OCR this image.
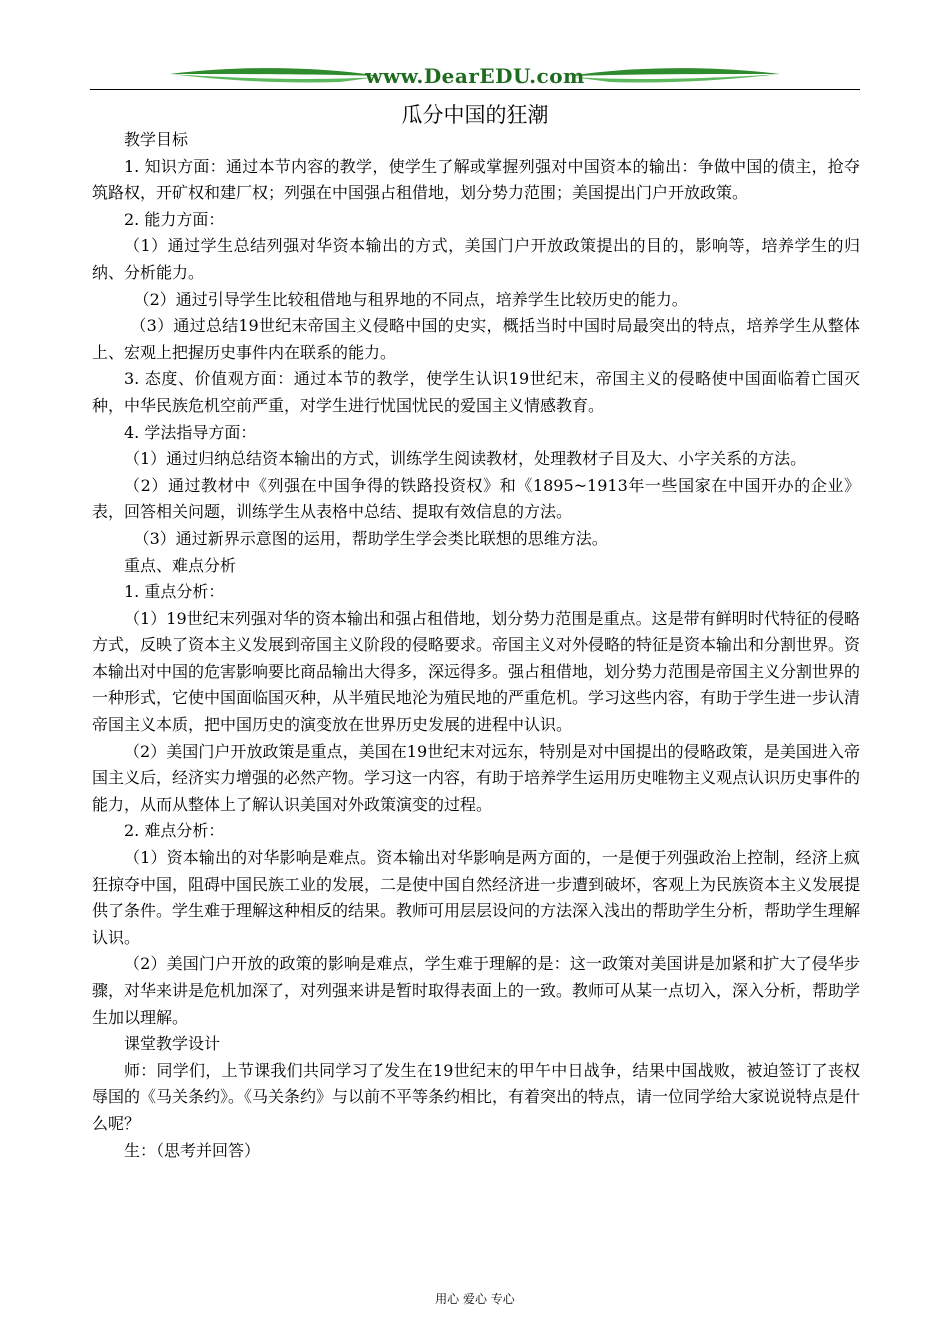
www.DearEDU.com
瓜分中国的狂潮

教学目标

1. 知识方面：通过本节内容的教学，使学生了解或掌握列强对中国资本的输出：争做中国的债主，抢夺筑路权，开矿权和建厂权；列强在中国强占租借地，划分势力范围；美国提出门户开放政策。

2. 能力方面：

（1）通过学生总结列强对华资本输出的方式，美国门户开放政策提出的目的，影响等，培养学生的归纳、分析能力。

（2）通过引导学生比较租借地与租界地的不同点，培养学生比较历史的能力。

（3）通过总结19世纪末帝国主义侵略中国的史实，概括当时中国时局最突出的特点，培养学生从整体上、宏观上把握历史事件内在联系的能力。

3. 态度、价值观方面：通过本节的教学，使学生认识19世纪末，帝国主义的侵略使中国面临着亡国灭种，中华民族危机空前严重，对学生进行忧国忧民的爱国主义情感教育。

4. 学法指导方面：

（1）通过归纳总结资本输出的方式，训练学生阅读教材，处理教材子目及大、小字关系的方法。

（2）通过教材中《列强在中国争得的铁路投资权》和《1895~1913年一些国家在中国开办的企业》表，回答相关问题，训练学生从表格中总结、提取有效信息的方法。

（3）通过新界示意图的运用，帮助学生学会类比联想的思维方法。

重点、难点分析

1. 重点分析：

（1）19世纪末列强对华的资本输出和强占租借地，划分势力范围是重点。这是带有鲜明时代特征的侵略方式，反映了资本主义发展到帝国主义阶段的侵略要求。帝国主义对外侵略的特征是资本输出和分割世界。资本输出对中国的危害影响要比商品输出大得多，深远得多。强占租借地，划分势力范围是帝国主义分割世界的一种形式，它使中国面临国灭种，从半殖民地沦为殖民地的严重危机。学习这些内容，有助于学生进一步认清帝国主义本质，把中国历史的演变放在世界历史发展的进程中认识。

（2）美国门户开放政策是重点，美国在19世纪末对远东，特别是对中国提出的侵略政策，是美国进入帝国主义后，经济实力增强的必然产物。学习这一内容，有助于培养学生运用历史唯物主义观点认识历史事件的能力，从而从整体上了解认识美国对外政策演变的过程。

2. 难点分析：

（1）资本输出的对华影响是难点。资本输出对华影响是两方面的，一是便于列强政治上控制，经济上疯狂掠夺中国，阻碍中国民族工业的发展，二是使中国自然经济进一步遭到破坏，客观上为民族资本主义发展提供了条件。学生难于理解这种相反的结果。教师可用层层设问的方法深入浅出的帮助学生分析，帮助学生理解认识。

（2）美国门户开放的政策的影响是难点，学生难于理解的是：这一政策对美国讲是加紧和扩大了侵华步骤，对华来讲是危机加深了，对列强来讲是暂时取得表面上的一致。教师可从某一点切入，深入分析，帮助学生加以理解。

课堂教学设计

师：同学们，上节课我们共同学习了发生在19世纪末的甲午中日战争，结果中国战败，被迫签订了丧权辱国的《马关条约》。《马关条约》与以前不平等条约相比，有着突出的特点，请一位同学给大家说说特点是什么呢？

生：（思考并回答）

用心 爱心 专心
